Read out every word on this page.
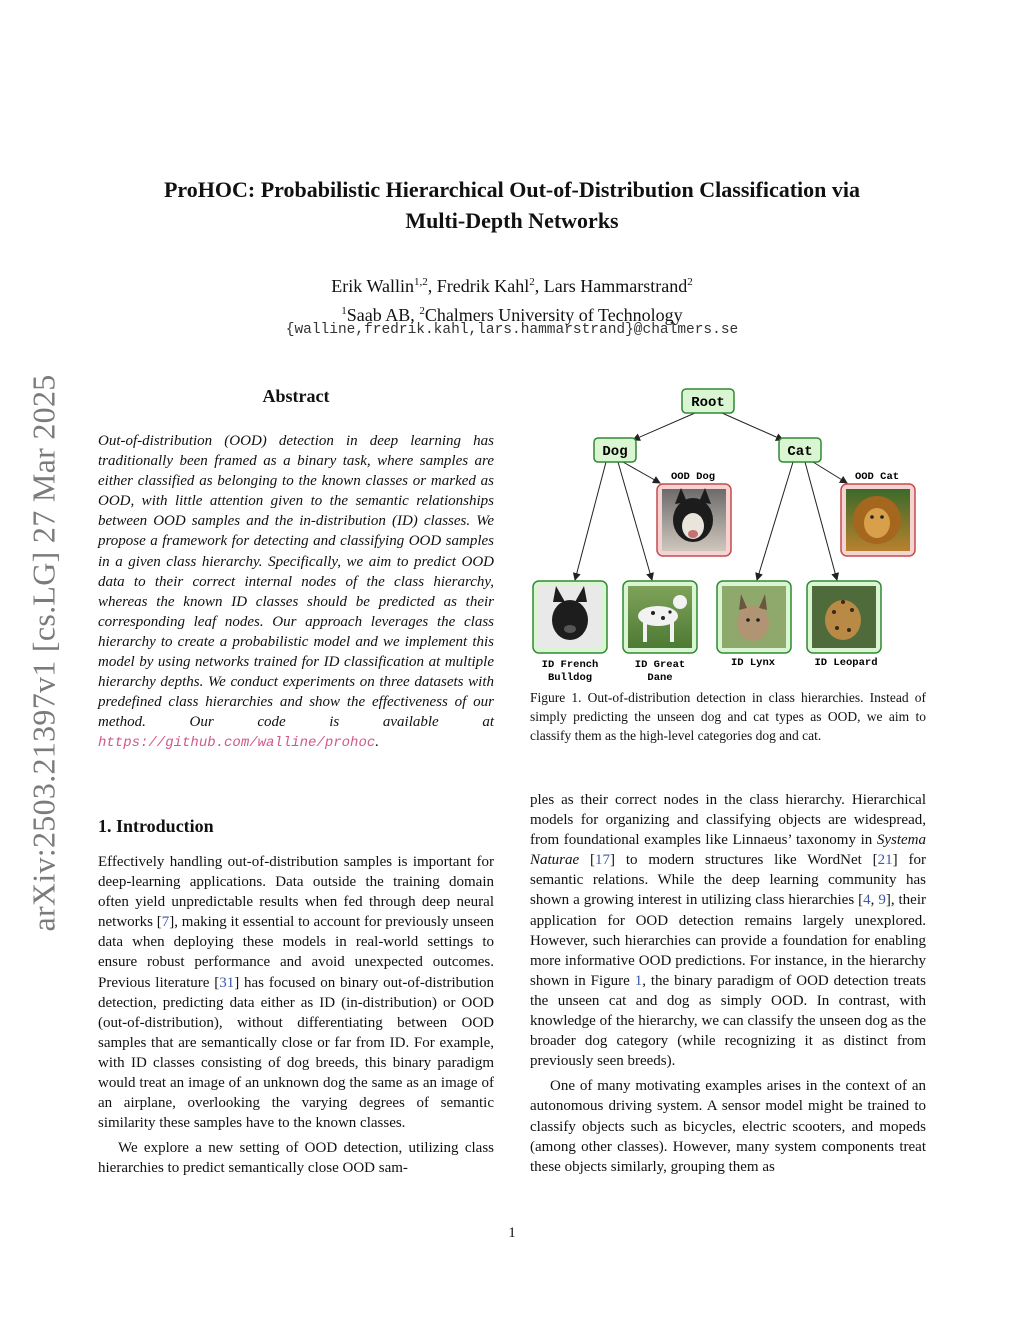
arXiv:2503.21397v1 [cs.LG] 27 Mar 2025
ProHOC: Probabilistic Hierarchical Out-of-Distribution Classification via
Multi-Depth Networks
Erik Wallin$^{1,2}$, Fredrik Kahl$^2$, Lars Hammarstrand$^2$
$^1$Saab AB, $^2$Chalmers University of Technology
{walline,fredrik.kahl,lars.hammarstrand}@chalmers.se
Abstract
Out-of-distribution (OOD) detection in deep learning has traditionally been framed as a binary task, where samples are either classified as belonging to the known classes or marked as OOD, with little attention given to the semantic relationships between OOD samples and the in-distribution (ID) classes. We propose a framework for detecting and classifying OOD samples in a given class hierarchy. Specifically, we aim to predict OOD data to their correct internal nodes of the class hierarchy, whereas the known ID classes should be predicted as their corresponding leaf nodes. Our approach leverages the class hierarchy to create a probabilistic model and we implement this model by using networks trained for ID classification at multiple hierarchy depths. We conduct experiments on three datasets with predefined class hierarchies and show the effectiveness of our method. Our code is available at https://github.com/walline/prohoc.
Root
Dog	Cat
OOD Dog	OOD Cat
ID French
Bulldog
ID Great
Dane
ID Lynx	ID Leopard
Figure 1. Out-of-distribution detection in class hierarchies. Instead of simply predicting the unseen dog and cat types as OOD, we aim to classify them as the high-level categories dog and cat.
1. Introduction

Effectively handling out-of-distribution samples is important for deep-learning applications. Data outside the training domain often yield unpredictable results when fed through deep neural networks [7], making it essential to account for previously unseen data when deploying these models in real-world settings to ensure robust performance and avoid unexpected outcomes. Previous literature [31] has focused on binary out-of-distribution detection, predicting data either as ID (in-distribution) or OOD (out-of-distribution), without differentiating between OOD samples that are semantically close or far from ID. For example, with ID classes consisting of dog breeds, this binary paradigm would treat an image of an unknown dog the same as an image of an airplane, overlooking the varying degrees of semantic similarity these samples have to the known classes.

We explore a new setting of OOD detection, utilizing class hierarchies to predict semantically close OOD sam-

ples as their correct nodes in the class hierarchy. Hierarchical models for organizing and classifying objects are widespread, from foundational examples like Linnaeus’ taxonomy in Systema Naturae [17] to modern structures like WordNet [21] for semantic relations. While the deep learning community has shown a growing interest in utilizing class hierarchies [4, 9], their application for OOD detection remains largely unexplored. However, such hierarchies can provide a foundation for enabling more informative OOD predictions. For instance, in the hierarchy shown in Figure 1, the binary paradigm of OOD detection treats the unseen cat and dog as simply OOD. In contrast, with knowledge of the hierarchy, we can classify the unseen dog as the broader dog category (while recognizing it as distinct from previously seen breeds).

One of many motivating examples arises in the context of an autonomous driving system. A sensor model might be trained to classify objects such as bicycles, electric scooters, and mopeds (among other classes). However, many system components treat these objects similarly, grouping them as

1
